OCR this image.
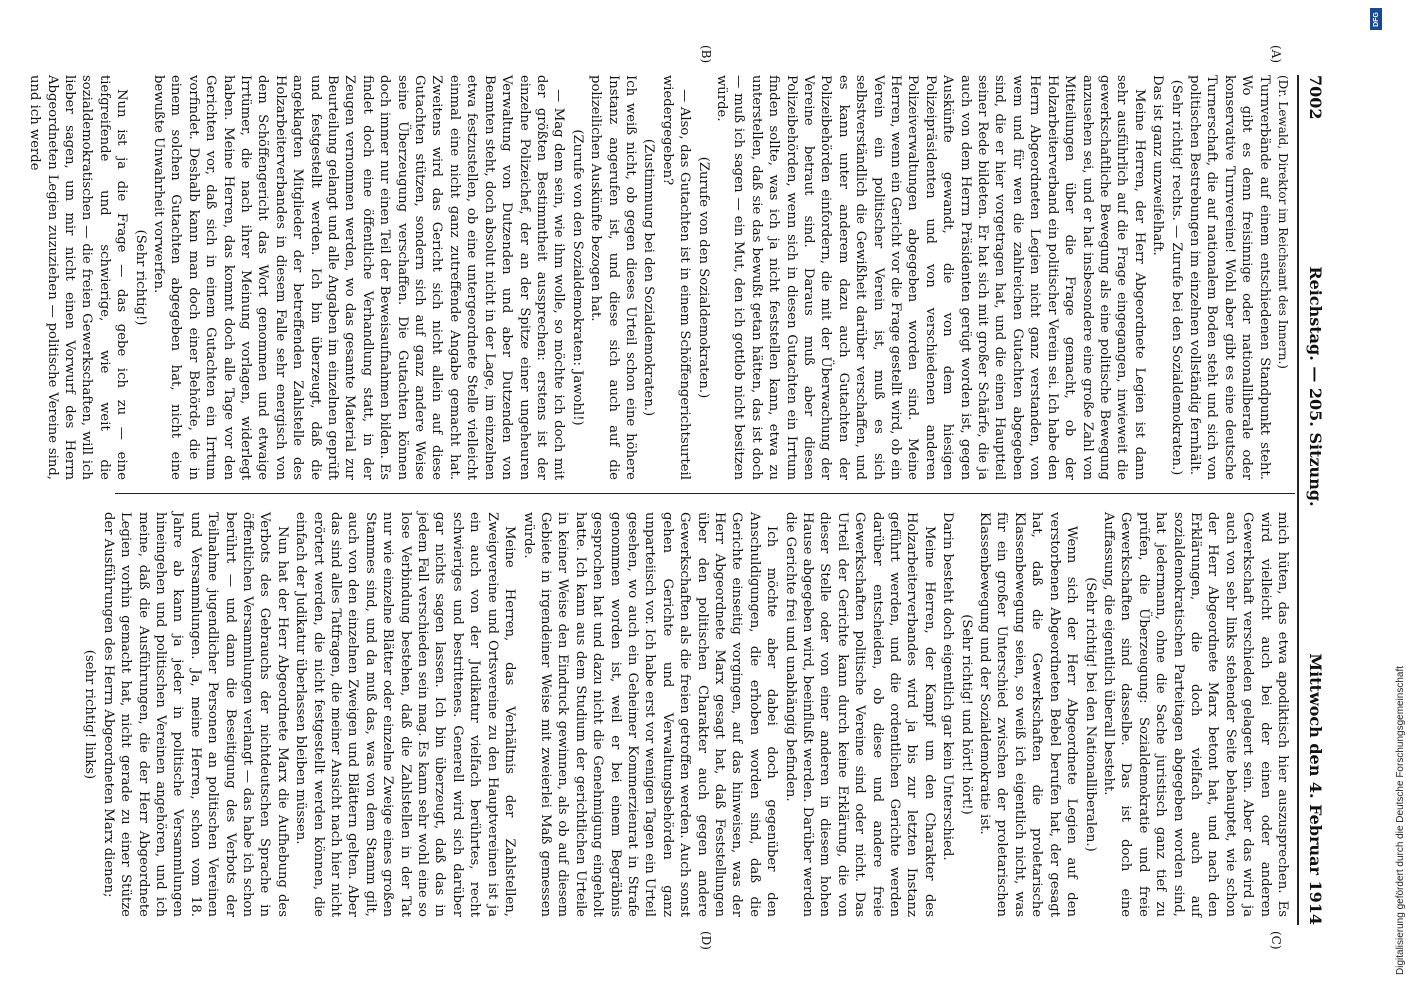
7002
Reichstag. — 205. Sitzung.
Mittwoch den 4. Februar 1914
(A)
(B)
(C)
(D)

(Dr. Lewald, Direktor im Reichsamt des Innern.)

Turnverbände auf einem entschiedenen Standpunkt steht. Wo gibt es denn freisinnige oder nationalliberale oder konservative Turnvereine! Wohl aber gibt es eine deutsche Turnerschaft, die auf nationalem Boden steht und sich von politischen Bestrebungen im einzelnen vollständig fernhält.

(Sehr richtig! rechts. — Zurufe bei den Sozialdemokraten.)

Das ist ganz unzweifelhaft.

Meine Herren, der Herr Abgeordnete Legien ist dann sehr ausführlich auf die Frage eingegangen, inwieweit die gewerkschaftliche Bewegung als eine politische Bewegung anzusehen sei, und er hat insbesondere eine große Zahl von Mitteilungen über die Frage gemacht, ob der Holzarbeiterverband ein politischer Verein sei. Ich habe den Herrn Abgeordneten Legien nicht ganz verstanden, von wem und für wen die zahlreichen Gutachten abgegeben sind, die er hier vorgetragen hat, und die einen Hauptteil seiner Rede bildeten. Er hat sich mit großer Schärfe, die ja auch von dem Herrn Präsidenten gerügt worden ist, gegen Auskünfte gewandt, die von dem hiesigen Polizeipräsidenten und von verschiedenen anderen Polizeiverwaltungen abgegeben worden sind. Meine Herren, wenn ein Gericht vor die Frage gestellt wird, ob ein Verein ein politischer Verein ist, muß es sich selbstverständlich die Gewißheit darüber verschaffen, und es kann unter anderem dazu auch Gutachten der Polizeibehörden einfordern, die mit der Überwachung der Vereine betraut sind. Daraus muß aber diesen Polizeibehörden, wenn sich in diesen Gutachten ein Irrtum finden sollte, was ich ja nicht feststellen kann, etwa zu unterstellen, daß sie das bewußt getan hätten, das ist doch — muß ich sagen — ein Mut, den ich gottlob nicht besitzen würde.

(Zurufe von den Sozialdemokraten.)

— Also, das Gutachten ist in einem Schöffengerichtsurteil wiedergegeben?

(Zustimmung bei den Sozialdemokraten.)

Ich weiß nicht, ob gegen dieses Urteil schon eine höhere Instanz angerufen ist, und diese sich auch auf die polizeilichen Auskünfte bezogen hat.

(Zurufe von den Sozialdemokraten: Jawohl!)

— Mag dem sein, wie ihm wolle, so möchte ich doch mit der größten Bestimmtheit aussprechen: erstens ist der einzelne Polizeichef, der an der Spitze einer ungeheuren Verwaltung von Dutzenden und aber Dutzenden von Beamten steht, doch absolut nicht in der Lage, im einzelnen etwa festzustellen, ob eine untergeordnete Stelle vielleicht einmal eine nicht ganz zutreffende Angabe gemacht hat. Zweitens wird das Gericht sich nicht allein auf diese Gutachten stützen, sondern sich auf ganz andere Weise seine Überzeugung verschaffen. Die Gutachten können doch immer nur einen Teil der Beweisaufnahmen bilden. Es findet doch eine öffentliche Verhandlung statt, in der Zeugen vernommen werden, wo das gesamte Material zur Beurteilung gelangt und alle Angaben im einzelnen geprüft und festgestellt werden. Ich bin überzeugt, daß die angeklagten Mitglieder der betreffenden Zahlstelle des Holzarbeiterverbandes in diesem Falle sehr energisch von dem Schöffengericht das Wort genommen und etwaige Irrtümer, die nach ihrer Meinung vorlagen, widerlegt haben. Meine Herren, das kommt doch alle Tage vor den Gerichten vor, daß sich in einem Gutachten ein Irrtum vorfindet. Deshalb kann man doch einer Behörde, die in einem solchen Gutachten abgegeben hat, nicht eine bewußte Unwahrheit vorwerfen.

(Sehr richtig!)

Nun ist ja die Frage — das gebe ich zu — eine tiefgreifende und schwierige, wie weit die sozialdemokratischen — die freien Gewerkschaften, will ich lieber sagen, um mir nicht einen Vorwurf des Herrn Abgeordneten Legien zuzuziehen — politische Vereine sind, und ich werde

mich hüten, das etwa apodiktisch hier auszusprechen. Es wird vielleicht auch bei der einen oder anderen Gewerkschaft verschieden gelagert sein. Aber das wird ja auch von sehr links stehender Seite behauptet, wie schon der Herr Abgeordnete Marx betont hat, und nach den Erklärungen, die doch vielfach auch auf sozialdemokratischen Parteitagen abgegeben worden sind, hat jedermann, ohne die Sache juristisch ganz tief zu prüfen, die Überzeugung: Sozialdemokratie und freie Gewerkschaften sind dasselbe. Das ist doch eine Auffassung, die eigentlich überall besteht.

(Sehr richtig! bei den Nationalliberalen.)

Wenn sich der Herr Abgeordnete Legien auf den verstorbenen Abgeordneten Bebel berufen hat, der gesagt hat, daß die Gewerkschaften die proletarische Klassenbewegung seien, so weiß ich eigentlich nicht, was für ein großer Unterschied zwischen der proletarischen Klassenbewegung und der Sozialdemokratie ist.

(Sehr richtig! und hört! hört!)

Darin besteht doch eigentlich gar kein Unterschied.

Meine Herren, der Kampf um den Charakter des Holzarbeiterverbandes wird ja bis zur letzten Instanz geführt werden, und die ordentlichen Gerichte werden darüber entscheiden, ob diese und andere freie Gewerkschaften politische Vereine sind oder nicht. Das Urteil der Gerichte kann durch keine Erklärung, die von dieser Stelle oder von einer anderen in diesem hohen Hause abgegeben wird, beeinflußt werden. Darüber werden die Gerichte frei und unabhängig befinden.

Ich möchte aber dabei doch gegenüber den Anschuldigungen, die erhoben worden sind, daß die Gerichte einseitig vorgingen, auf das hinweisen, was der Herr Abgeordnete Marx gesagt hat, daß Feststellungen über den politischen Charakter auch gegen andere Gewerkschaften als die freien getroffen werden. Auch sonst gehen Gerichte und Verwaltungsbehörden ganz unparteiisch vor. Ich habe erst vor wenigen Tagen ein Urteil gesehen, wo auch ein Geheimer Kommerzienrat in Strafe genommen worden ist, weil er bei einem Begräbnis gesprochen hat und dazu nicht die Genehmigung eingeholt hatte. Ich kann aus dem Studium der gerichtlichen Urteile in keiner Weise den Eindruck gewinnen, als ob auf diesem Gebiete in irgendeiner Weise mit zweierlei Maß gemessen würde.

Meine Herren, das Verhältnis der Zahlstellen, Zweigvereine und Ortsvereine zu den Hauptvereinen ist ja ein auch von der Judikatur vielfach berührtes, recht schwieriges und bestrittenes. Generell wird sich darüber gar nichts sagen lassen. Ich bin überzeugt, daß das in jedem Fall verschieden sein mag. Es kann sehr wohl eine so lose Verbindung bestehen, daß die Zahlstellen in der Tat nur wie einzelne Blätter oder einzelne Zweige eines großen Stammes sind, und da muß das, was von dem Stamm gilt, auch von den einzelnen Zweigen und Blättern gelten. Aber das sind alles Tatfragen, die meiner Ansicht nach hier nicht erörtert werden, die nicht festgestellt werden können, die einfach der Judikatur überlassen bleiben müssen.

Nun hat der Herr Abgeordnete Marx die Aufhebung des Verbots des Gebrauchs der nichtdeutschen Sprache in öffentlichen Versammlungen verlangt — das habe ich schon berührt — und dann die Beseitigung des Verbots der Teilnahme jugendlicher Personen an politischen Vereinen und Versammlungen. Ja, meine Herren, schon vom 18. Jahre ab kann ja jeder in politische Versammlungen hineingehen und politischen Vereinen angehören, und ich meine, daß die Ausführungen, die der Herr Abgeordnete Legien vorhin gemacht hat, nicht gerade zu einer Stütze der Ausführungen des Herrn Abgeordneten Marx dienen;

(sehr richtig! links)	Digitalisierung gefördert durch die Deutsche Forschungsgemeinschaft
DFG
